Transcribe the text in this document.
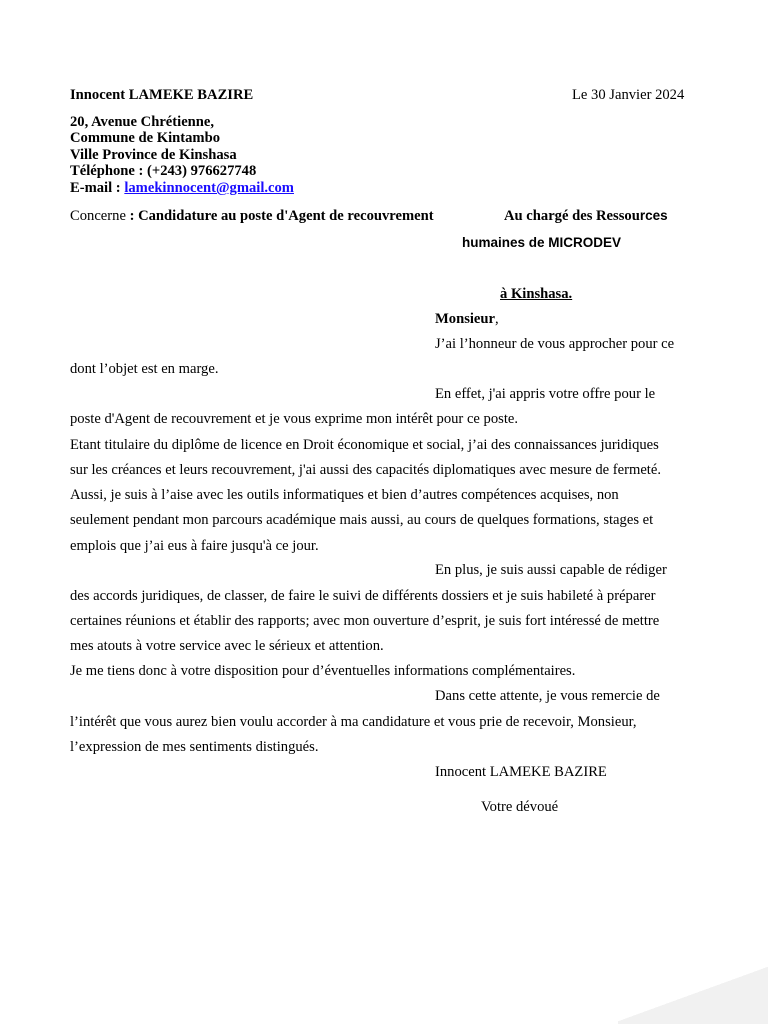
Innocent LAMEKE BAZIRE	Le 30 Janvier 2024
20, Avenue Chrétienne,
Commune de Kintambo
Ville Province de Kinshasa
Téléphone : (+243) 976627748
E-mail : lamekinnocent@gmail.com
Concerne : Candidature au poste d'Agent de recouvrement	Au chargé des Ressources
humaines de MICRODEV
à Kinshasa.
Monsieur,
J’ai l’honneur de vous approcher pour ce
dont l’objet est en marge.
En effet, j'ai appris votre offre pour le
poste d'Agent de recouvrement et je vous exprime mon intérêt pour ce poste.
Etant titulaire du diplôme de licence en Droit économique et social, j’ai des connaissances juridiques
sur les créances et leurs recouvrement, j'ai aussi des capacités diplomatiques avec mesure de fermeté.
Aussi, je suis à l’aise avec les outils informatiques et bien d’autres compétences acquises, non
seulement pendant mon parcours académique mais aussi, au cours de quelques formations, stages et
emplois que j’ai eus à faire jusqu'à ce jour.
En plus, je suis aussi capable de rédiger
des accords juridiques, de classer, de faire le suivi de différents dossiers et je suis habileté à préparer
certaines réunions et établir des rapports; avec mon ouverture d’esprit, je suis fort intéressé de mettre
mes atouts à votre service avec le sérieux et attention.
Je me tiens donc à votre disposition pour d’éventuelles informations complémentaires.
Dans cette attente, je vous remercie de
l’intérêt que vous aurez bien voulu accorder à ma candidature et vous prie de recevoir, Monsieur,
l’expression de mes sentiments distingués.
Innocent LAMEKE BAZIRE
Votre dévoué
